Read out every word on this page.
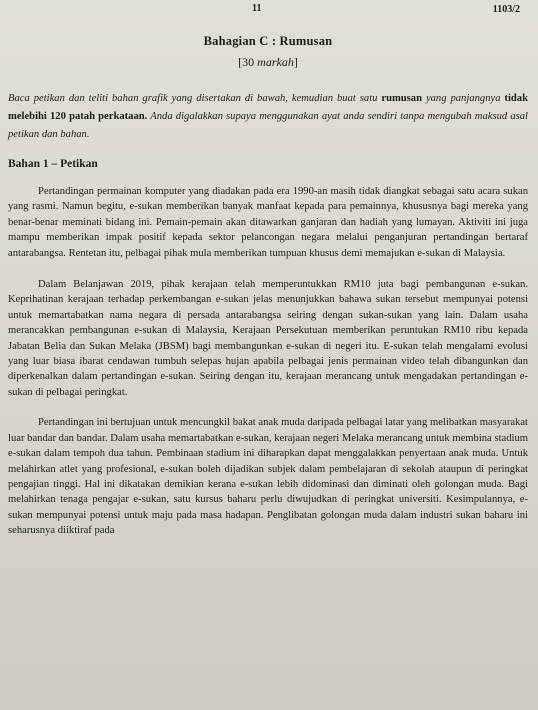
11	1103/2
Bahagian C : Rumusan
[30 markah]
Baca petikan dan teliti bahan grafik yang disertakan di bawah, kemudian buat satu rumusan yang panjangnya tidak melebihi 120 patah perkataan. Anda digalakkan supaya menggunakan ayat anda sendiri tanpa mengubah maksud asal petikan dan bahan.
Bahan 1 – Petikan

Pertandingan permainan komputer yang diadakan pada era 1990-an masih tidak diangkat sebagai satu acara sukan yang rasmi. Namun begitu, e-sukan memberikan banyak manfaat kepada para pemainnya, khususnya bagi mereka yang benar-benar meminati bidang ini. Pemain-pemain akan ditawarkan ganjaran dan hadiah yang lumayan. Aktiviti ini juga mampu memberikan impak positif kepada sektor pelancongan negara melalui penganjuran pertandingan bertaraf antarabangsa. Rentetan itu, pelbagai pihak mula memberikan tumpuan khusus demi memajukan e-sukan di Malaysia.

Dalam Belanjawan 2019, pihak kerajaan telah memperuntukkan RM10 juta bagi pembangunan e-sukan. Keprihatinan kerajaan terhadap perkembangan e-sukan jelas menunjukkan bahawa sukan tersebut mempunyai potensi untuk memartabatkan nama negara di persada antarabangsa seiring dengan sukan-sukan yang lain. Dalam usaha merancakkan pembangunan e-sukan di Malaysia, Kerajaan Persekutuan memberikan peruntukan RM10 ribu kepada Jabatan Belia dan Sukan Melaka (JBSM) bagi membangunkan e-sukan di negeri itu. E-sukan telah mengalami evolusi yang luar biasa ibarat cendawan tumbuh selepas hujan apabila pelbagai jenis permainan video telah dibangunkan dan diperkenalkan dalam pertandingan e-sukan. Seiring dengan itu, kerajaan merancang untuk mengadakan pertandingan e-sukan di pelbagai peringkat.

Pertandingan ini bertujuan untuk mencungkil bakat anak muda daripada pelbagai latar yang melibatkan masyarakat luar bandar dan bandar. Dalam usaha memartabatkan e-sukan, kerajaan negeri Melaka merancang untuk membina stadium e-sukan dalam tempoh dua tahun. Pembinaan stadium ini diharapkan dapat menggalakkan penyertaan anak muda. Untuk melahirkan atlet yang profesional, e-sukan boleh dijadikan subjek dalam pembelajaran di sekolah ataupun di peringkat pengajian tinggi. Hal ini dikatakan demikian kerana e-sukan lebih didominasi dan diminati oleh golongan muda. Bagi melahirkan tenaga pengajar e-sukan, satu kursus baharu perlu diwujudkan di peringkat universiti. Kesimpulannya, e-sukan mempunyai potensi untuk maju pada masa hadapan. Penglibatan golongan muda dalam industri sukan baharu ini seharusnya diiktiraf pada
